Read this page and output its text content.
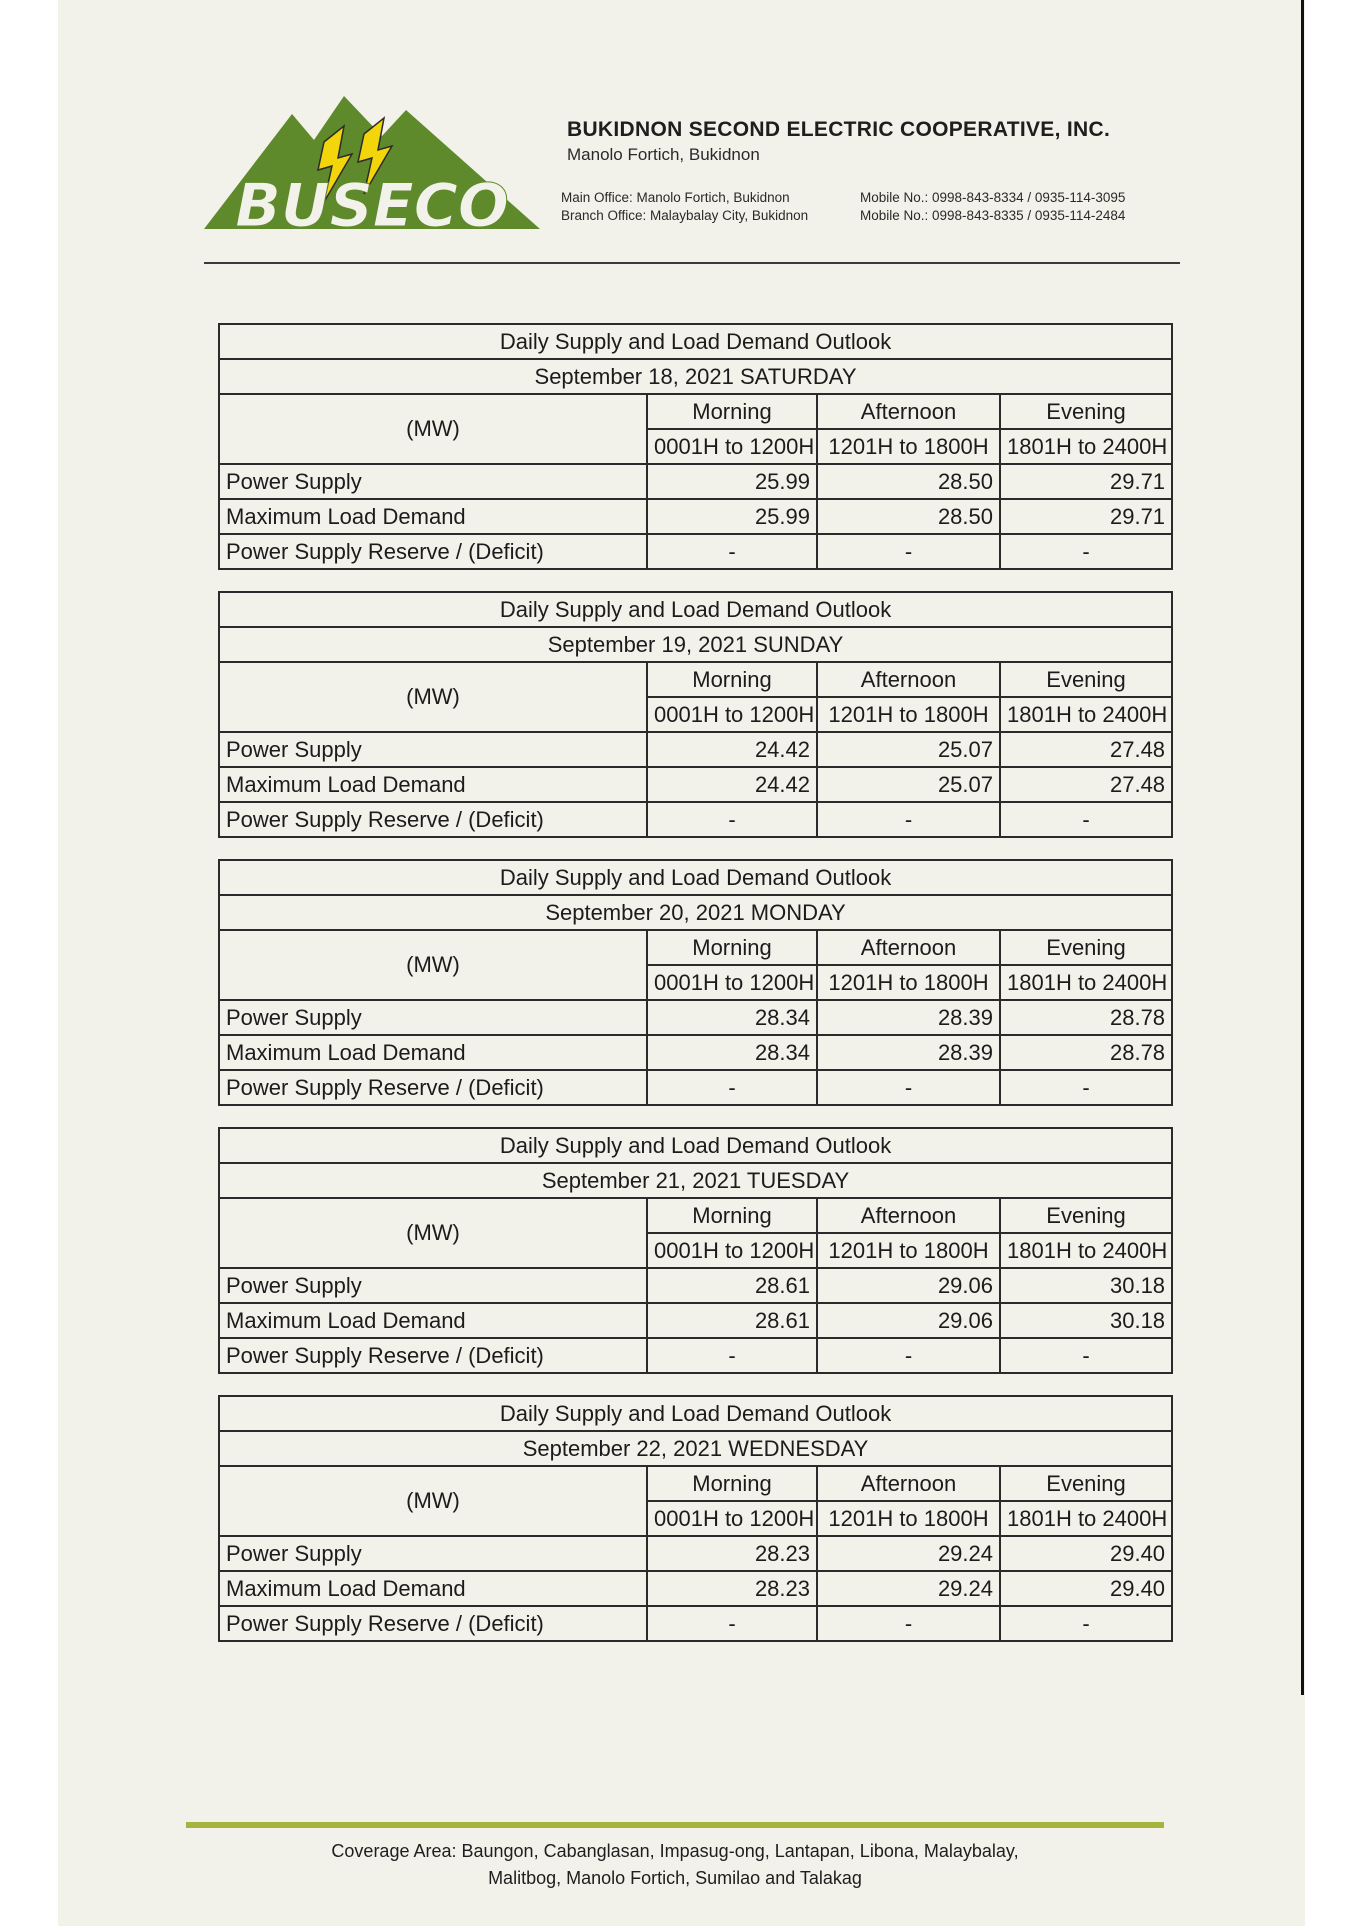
BUSECO
BUKIDNON SECOND ELECTRIC COOPERATIVE, INC.
Manolo Fortich, Bukidnon
Main Office: Manolo Fortich, Bukidnon	Mobile No.: 0998-843-8334 / 0935-114-3095
Branch Office: Malaybalay City, Bukidnon	Mobile No.: 0998-843-8335 / 0935-114-2484
Daily Supply and Load Demand Outlook			
September 18, 2021 SATURDAY			
(MW)	Morning	Afternoon	Evening
	0001H to 1200H	1201H to 1800H	1801H to 2400H
Power Supply	25.99	28.50	29.71
Maximum Load Demand	25.99	28.50	29.71
Power Supply Reserve / (Deficit)	-	-	-
Daily Supply and Load Demand Outlook			
September 19, 2021 SUNDAY			
(MW)	Morning	Afternoon	Evening
	0001H to 1200H	1201H to 1800H	1801H to 2400H
Power Supply	24.42	25.07	27.48
Maximum Load Demand	24.42	25.07	27.48
Power Supply Reserve / (Deficit)	-	-	-
Daily Supply and Load Demand Outlook			
September 20, 2021 MONDAY			
(MW)	Morning	Afternoon	Evening
	0001H to 1200H	1201H to 1800H	1801H to 2400H
Power Supply	28.34	28.39	28.78
Maximum Load Demand	28.34	28.39	28.78
Power Supply Reserve / (Deficit)	-	-	-
Daily Supply and Load Demand Outlook			
September 21, 2021 TUESDAY			
(MW)	Morning	Afternoon	Evening
	0001H to 1200H	1201H to 1800H	1801H to 2400H
Power Supply	28.61	29.06	30.18
Maximum Load Demand	28.61	29.06	30.18
Power Supply Reserve / (Deficit)	-	-	-
Daily Supply and Load Demand Outlook			
September 22, 2021 WEDNESDAY			
(MW)	Morning	Afternoon	Evening
	0001H to 1200H	1201H to 1800H	1801H to 2400H
Power Supply	28.23	29.24	29.40
Maximum Load Demand	28.23	29.24	29.40
Power Supply Reserve / (Deficit)	-	-	-
Coverage Area: Baungon, Cabanglasan, Impasug-ong, Lantapan, Libona, Malaybalay,
Malitbog, Manolo Fortich, Sumilao and Talakag
